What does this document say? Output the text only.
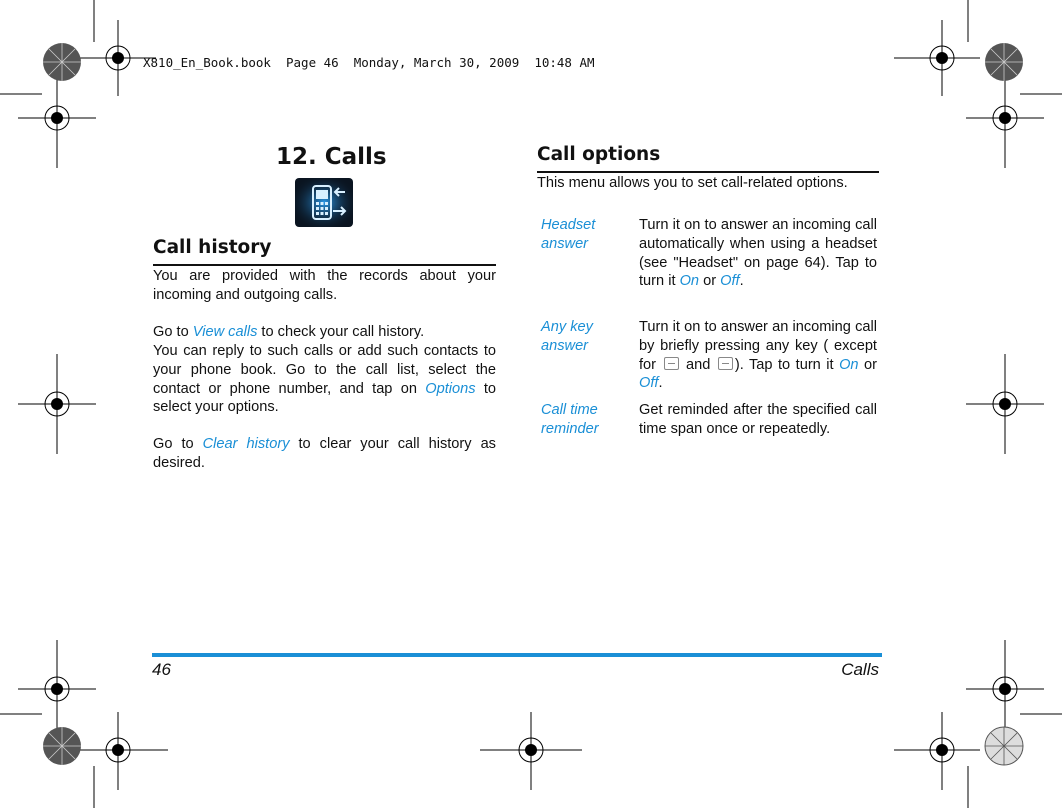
X810_En_Book.book  Page 46  Monday, March 30, 2009  10:48 AM
12. Calls
Call history
You are provided with the records about your incoming and outgoing calls.
Go to View calls to check your call history.
You can reply to such calls or add such contacts to your phone book. Go to the call list, select the contact or phone number, and tap on Options to select your options.
Go to Clear history to clear your call history as desired.
Call options
This menu allows you to set call-related options.
Headset
answer
Turn it on to answer an incoming call automatically when using a headset (see "Headset" on page 64). Tap to turn it On or Off.
Any key
answer
Turn it on to answer an incoming call by briefly pressing any key ( except for  and ). Tap to turn it On or Off.
Call time
reminder
Get reminded after the specified call time span once or repeatedly.
46	Calls
